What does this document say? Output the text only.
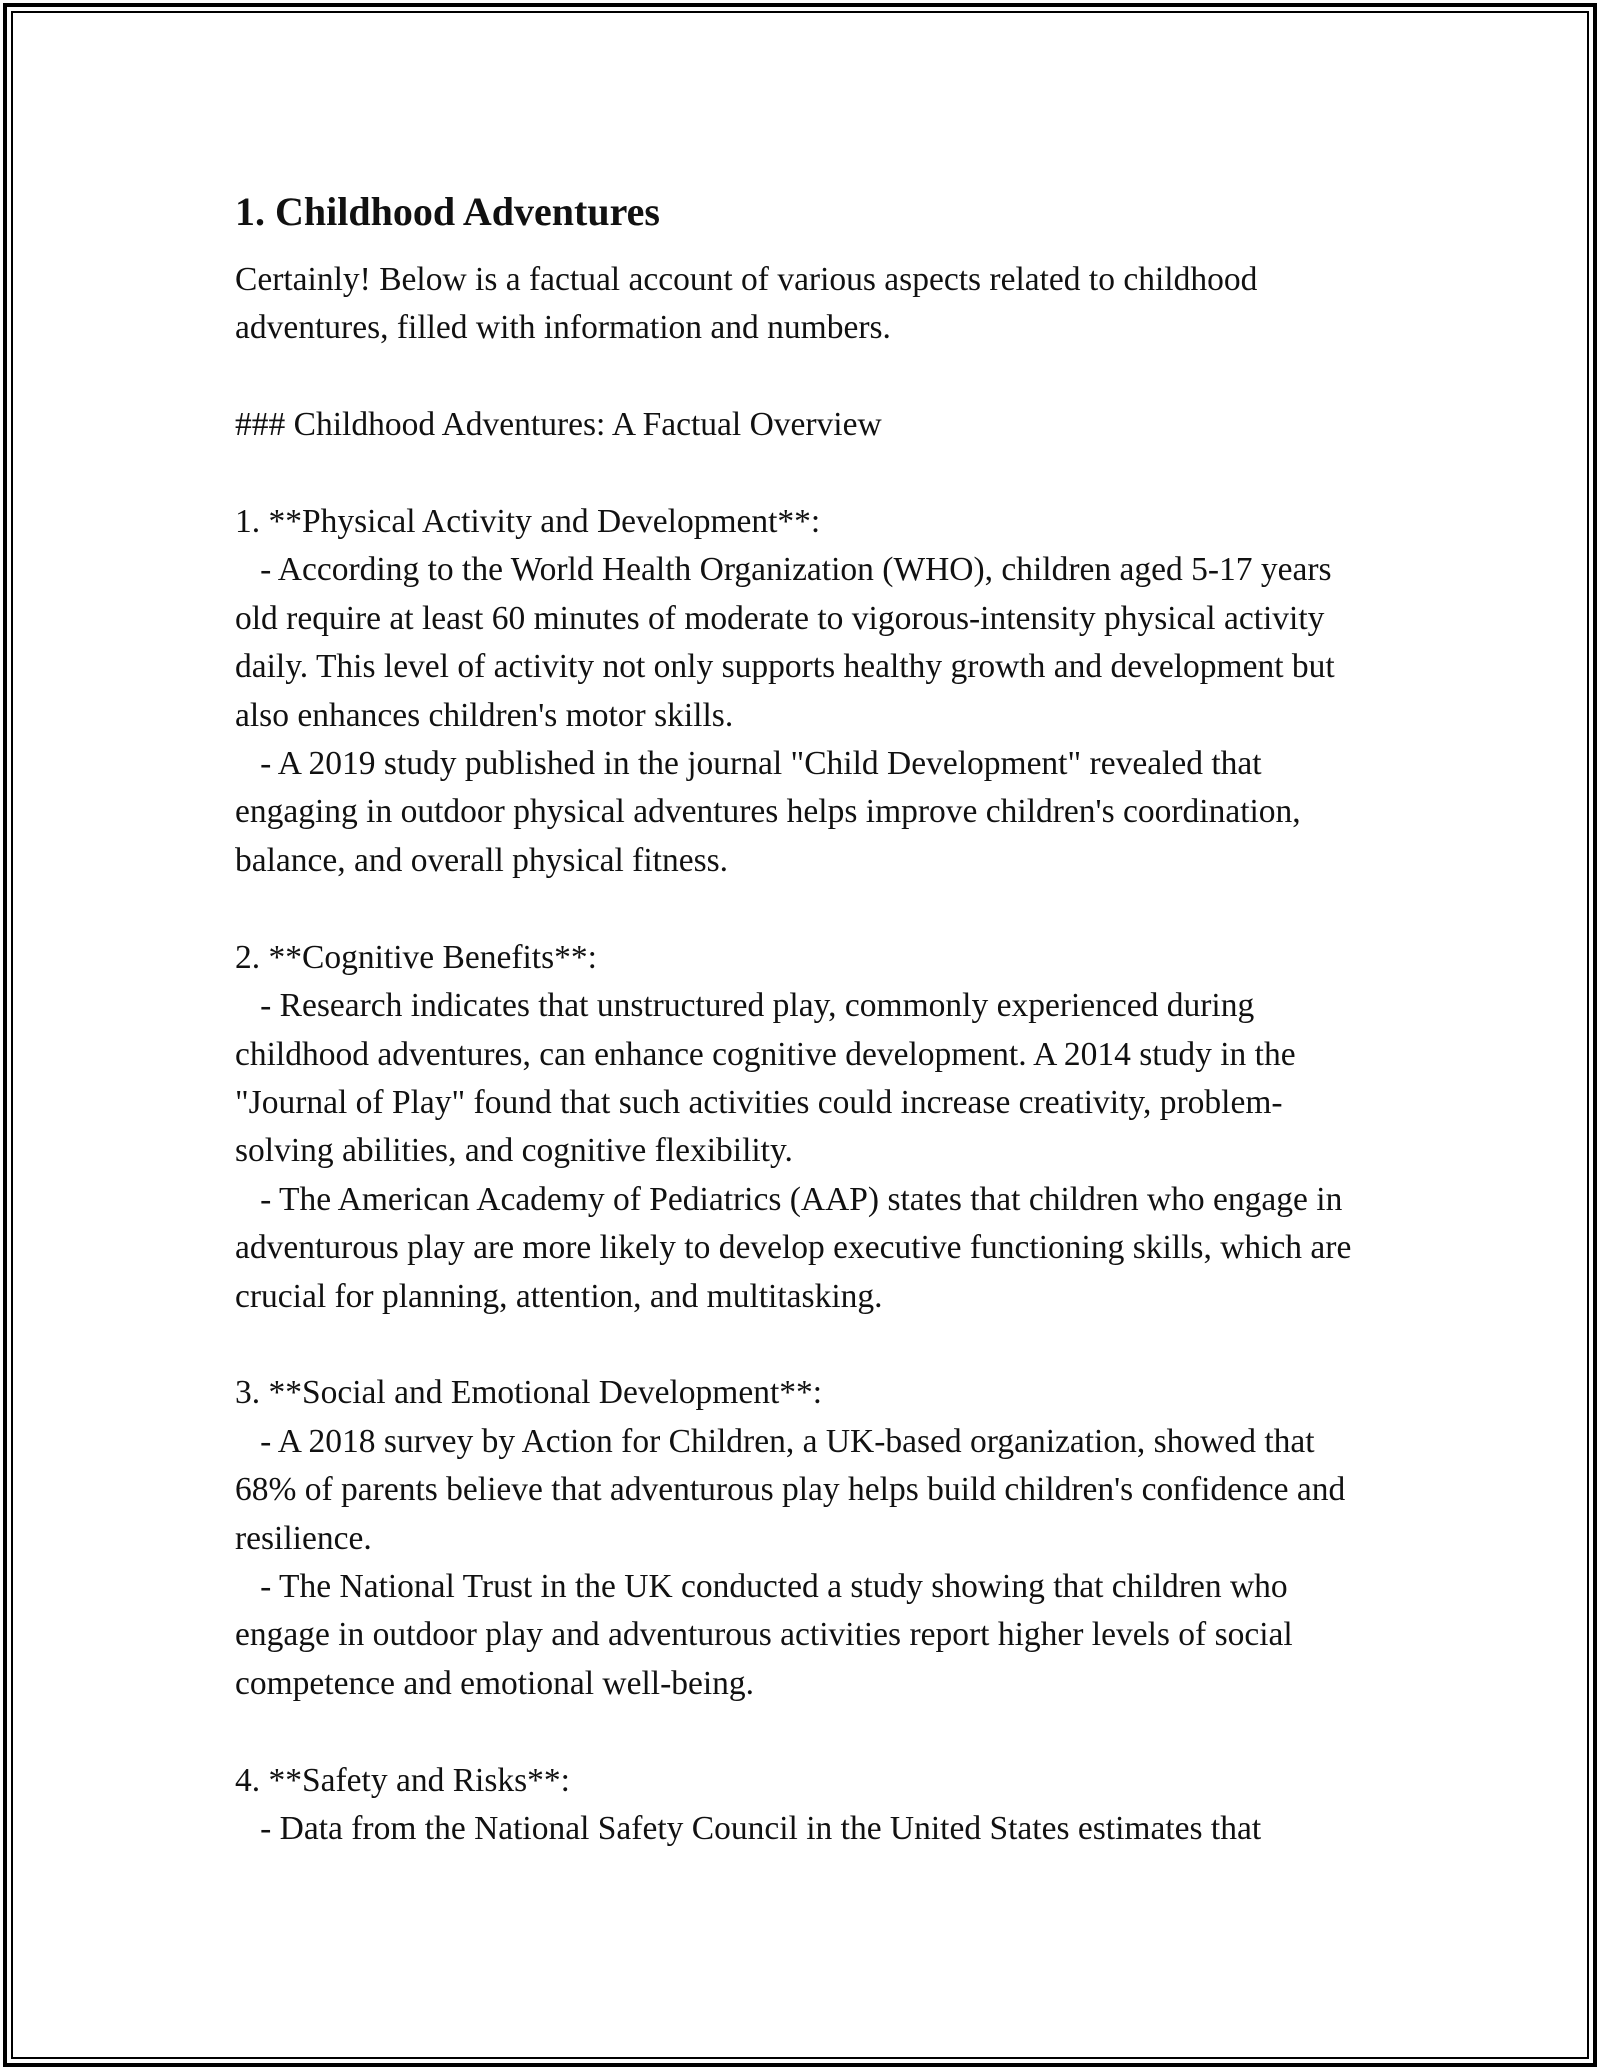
1. Childhood Adventures

Certainly! Below is a factual account of various aspects related to childhood adventures, filled with information and numbers.

### Childhood Adventures: A Factual Overview

1. **Physical Activity and Development**:
- According to the World Health Organization (WHO), children aged 5-17 years old require at least 60 minutes of moderate to vigorous-intensity physical activity daily. This level of activity not only supports healthy growth and development but also enhances children's motor skills.
- A 2019 study published in the journal "Child Development" revealed that engaging in outdoor physical adventures helps improve children's coordination, balance, and overall physical fitness.

2. **Cognitive Benefits**:
- Research indicates that unstructured play, commonly experienced during childhood adventures, can enhance cognitive development. A 2014 study in the "Journal of Play" found that such activities could increase creativity, problem-solving abilities, and cognitive flexibility.
- The American Academy of Pediatrics (AAP) states that children who engage in adventurous play are more likely to develop executive functioning skills, which are crucial for planning, attention, and multitasking.

3. **Social and Emotional Development**:
- A 2018 survey by Action for Children, a UK-based organization, showed that 68% of parents believe that adventurous play helps build children's confidence and resilience.
- The National Trust in the UK conducted a study showing that children who engage in outdoor play and adventurous activities report higher levels of social competence and emotional well-being.

4. **Safety and Risks**:
- Data from the National Safety Council in the United States estimates that
